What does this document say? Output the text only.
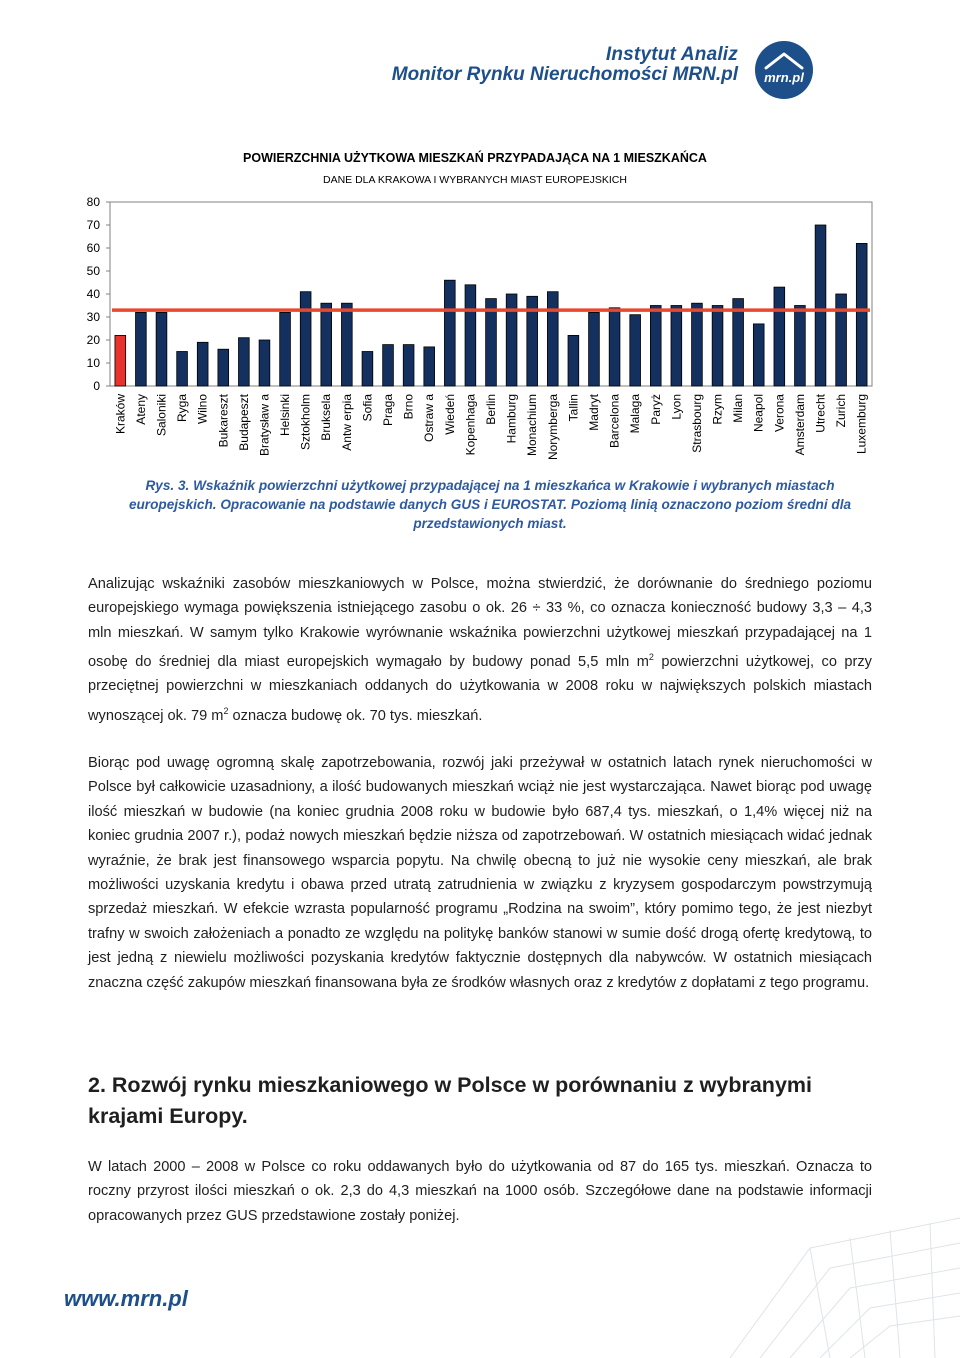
Instytut Analiz
Monitor Rynku Nieruchomości MRN.pl mrn.pl
POWIERZCHNIA UŻYTKOWA MIESZKAŃ PRZYPADAJĄCA NA 1 MIESZKAŃCA
DANE DLA KRAKOWA I WYBRANYCH MIAST EUROPEJSKICH
0
10
20
30
40
50
60
70
80
Kraków Ateny Saloniki Ryga Wilno Bukareszt Budapeszt Bratysław a Helsinki Sztokholm Bruksela Antw erpia Sofia Praga Brno Ostraw a Wiedeń Kopenhaga Berlin Hamburg Monachium Norymberga Tallin Madryt Barcelona Malaga Paryż Lyon Strasbourg Rzym Milan Neapol Verona Amsterdam Utrecht Zurich Luxemburg
Rys. 3. Wskaźnik powierzchni użytkowej przypadającej na 1 mieszkańca w Krakowie i wybranych miastach
europejskich. Opracowanie na podstawie danych GUS i EUROSTAT. Poziomą linią oznaczono poziom średni dla
przedstawionych miast.
Analizując wskaźniki zasobów mieszkaniowych w Polsce, można stwierdzić, że dorównanie do średniego poziomu europejskiego wymaga powiększenia istniejącego zasobu o ok. 26 ÷ 33 %, co oznacza konieczność budowy 3,3 – 4,3 mln mieszkań. W samym tylko Krakowie wyrównanie wskaźnika powierzchni użytkowej mieszkań przypadającej na 1 osobę do średniej dla miast europejskich wymagało by budowy ponad 5,5 mln $m^2$ powierzchni użytkowej, co przy przeciętnej powierzchni w mieszkaniach oddanych do użytkowania w 2008 roku w największych polskich miastach wynoszącej ok. 79 $m^2$ oznacza budowę ok. 70 tys. mieszkań.
Biorąc pod uwagę ogromną skalę zapotrzebowania, rozwój jaki przeżywał w ostatnich latach rynek nieruchomości w Polsce był całkowicie uzasadniony, a ilość budowanych mieszkań wciąż nie jest wystarczająca. Nawet biorąc pod uwagę ilość mieszkań w budowie (na koniec grudnia 2008 roku w budowie było 687,4 tys. mieszkań, o 1,4% więcej niż na koniec grudnia 2007 r.), podaż nowych mieszkań będzie niższa od zapotrzebowań. W ostatnich miesiącach widać jednak wyraźnie, że brak jest finansowego wsparcia popytu. Na chwilę obecną to już nie wysokie ceny mieszkań, ale brak możliwości uzyskania kredytu i obawa przed utratą zatrudnienia w związku z kryzysem gospodarczym powstrzymują sprzedaż mieszkań. W efekcie wzrasta popularność programu „Rodzina na swoim”, który pomimo tego, że jest niezbyt trafny w swoich założeniach a ponadto ze względu na politykę banków stanowi w sumie dość drogą ofertę kredytową, to jest jedną z niewielu możliwości pozyskania kredytów faktycznie dostępnych dla nabywców. W ostatnich miesiącach znaczna część zakupów mieszkań finansowana była ze środków własnych oraz z kredytów z dopłatami z tego programu.
2. Rozwój rynku mieszkaniowego w Polsce w porównaniu z wybranymi krajami Europy.
W latach 2000 – 2008 w Polsce co roku oddawanych było do użytkowania od 87 do 165 tys. mieszkań. Oznacza to roczny przyrost ilości mieszkań o ok. 2,3 do 4,3 mieszkań na 1000 osób. Szczegółowe dane na podstawie informacji opracowanych przez GUS przedstawione zostały poniżej.
www.mrn.pl
